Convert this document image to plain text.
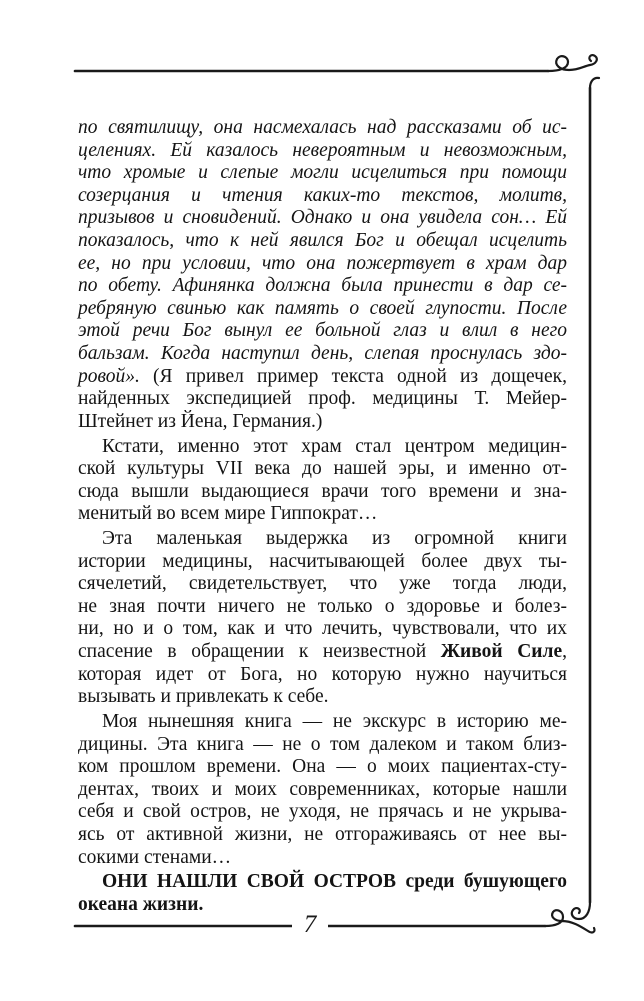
по святилищу, она насмехалась над рассказами об ис-
целениях. Ей казалось невероятным и невозможным,
что хромые и слепые могли исцелиться при помощи
созерцания и чтения каких-то текстов, молитв,
призывов и сновидений. Однако и она увидела сон… Ей
показалось, что к ней явился Бог и обещал исцелить
ее, но при условии, что она пожертвует в храм дар
по обету. Афинянка должна была принести в дар се-
ребряную свинью как память о своей глупости. После
этой речи Бог вынул ее больной глаз и влил в него
бальзам. Когда наступил день, слепая проснулась здо-
ровой». (Я привел пример текста одной из дощечек,
найденных экспедицией проф. медицины Т. Мейер-
Штейнет из Йена, Германия.)
Кстати, именно этот храм стал центром медицин-
ской культуры VII века до нашей эры, и именно от-
сюда вышли выдающиеся врачи того времени и зна-
менитый во всем мире Гиппократ…
Эта маленькая выдержка из огромной книги
истории медицины, насчитывающей более двух ты-
сячелетий, свидетельствует, что уже тогда люди,
не зная почти ничего не только о здоровье и болез-
ни, но и о том, как и что лечить, чувствовали, что их
спасение в обращении к неизвестной Живой Силе,
которая идет от Бога, но которую нужно научиться
вызывать и привлекать к себе.
Моя нынешняя книга — не экскурс в историю ме-
дицины. Эта книга — не о том далеком и таком близ-
ком прошлом времени. Она — о моих пациентах-сту-
дентах, твоих и моих современниках, которые нашли
себя и свой остров, не уходя, не прячась и не укрыва-
ясь от активной жизни, не отгораживаясь от нее вы-
сокими стенами…
ОНИ НАШЛИ СВОЙ ОСТРОВ среди бушующего
океана жизни.
7
